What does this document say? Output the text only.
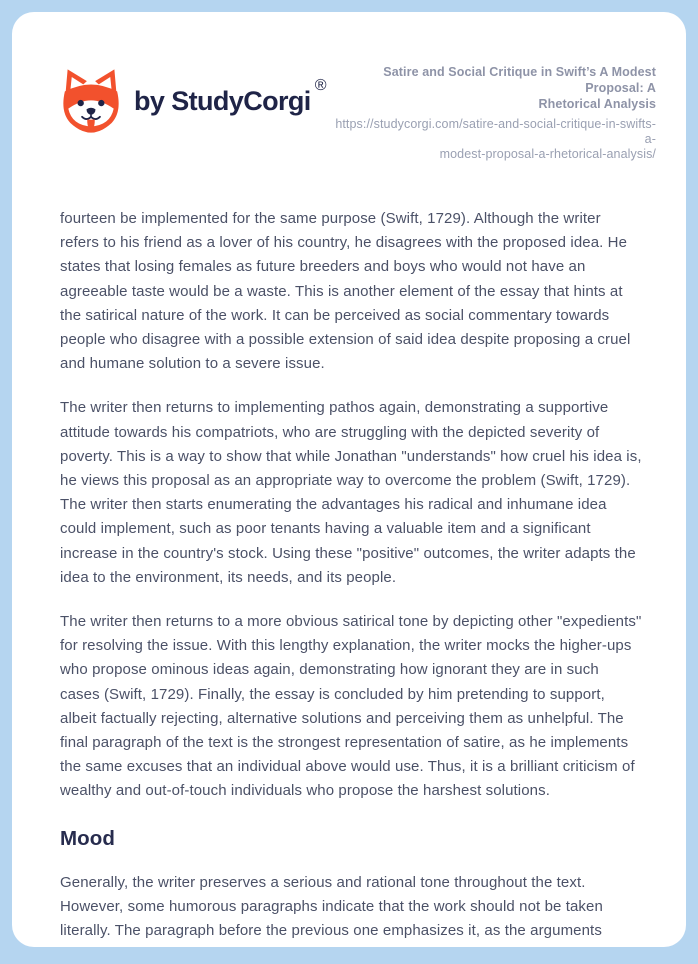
by StudyCorgi ®
Satire and Social Critique in Swift’s A Modest Proposal: A
Rhetorical Analysis
https://studycorgi.com/satire-and-social-critique-in-swifts-a-
modest-proposal-a-rhetorical-analysis/

fourteen be implemented for the same purpose (Swift, 1729). Although the writer refers to his friend as a lover of his country, he disagrees with the proposed idea. He states that losing females as future breeders and boys who would not have an agreeable taste would be a waste. This is another element of the essay that hints at the satirical nature of the work. It can be perceived as social commentary towards people who disagree with a possible extension of said idea despite proposing a cruel and humane solution to a severe issue.

The writer then returns to implementing pathos again, demonstrating a supportive attitude towards his compatriots, who are struggling with the depicted severity of poverty. This is a way to show that while Jonathan "understands" how cruel his idea is, he views this proposal as an appropriate way to overcome the problem (Swift, 1729). The writer then starts enumerating the advantages his radical and inhumane idea could implement, such as poor tenants having a valuable item and a significant increase in the country's stock. Using these "positive" outcomes, the writer adapts the idea to the environment, its needs, and its people.

The writer then returns to a more obvious satirical tone by depicting other "expedients" for resolving the issue. With this lengthy explanation, the writer mocks the higher-ups who propose ominous ideas again, demonstrating how ignorant they are in such cases (Swift, 1729). Finally, the essay is concluded by him pretending to support, albeit factually rejecting, alternative solutions and perceiving them as unhelpful. The final paragraph of the text is the strongest representation of satire, as he implements the same excuses that an individual above would use. Thus, it is a brilliant criticism of wealthy and out-of-touch individuals who propose the harshest solutions.

Mood

Generally, the writer preserves a serious and rational tone throughout the text. However, some humorous paragraphs indicate that the work should not be taken literally. The paragraph before the previous one emphasizes it, as the arguments
